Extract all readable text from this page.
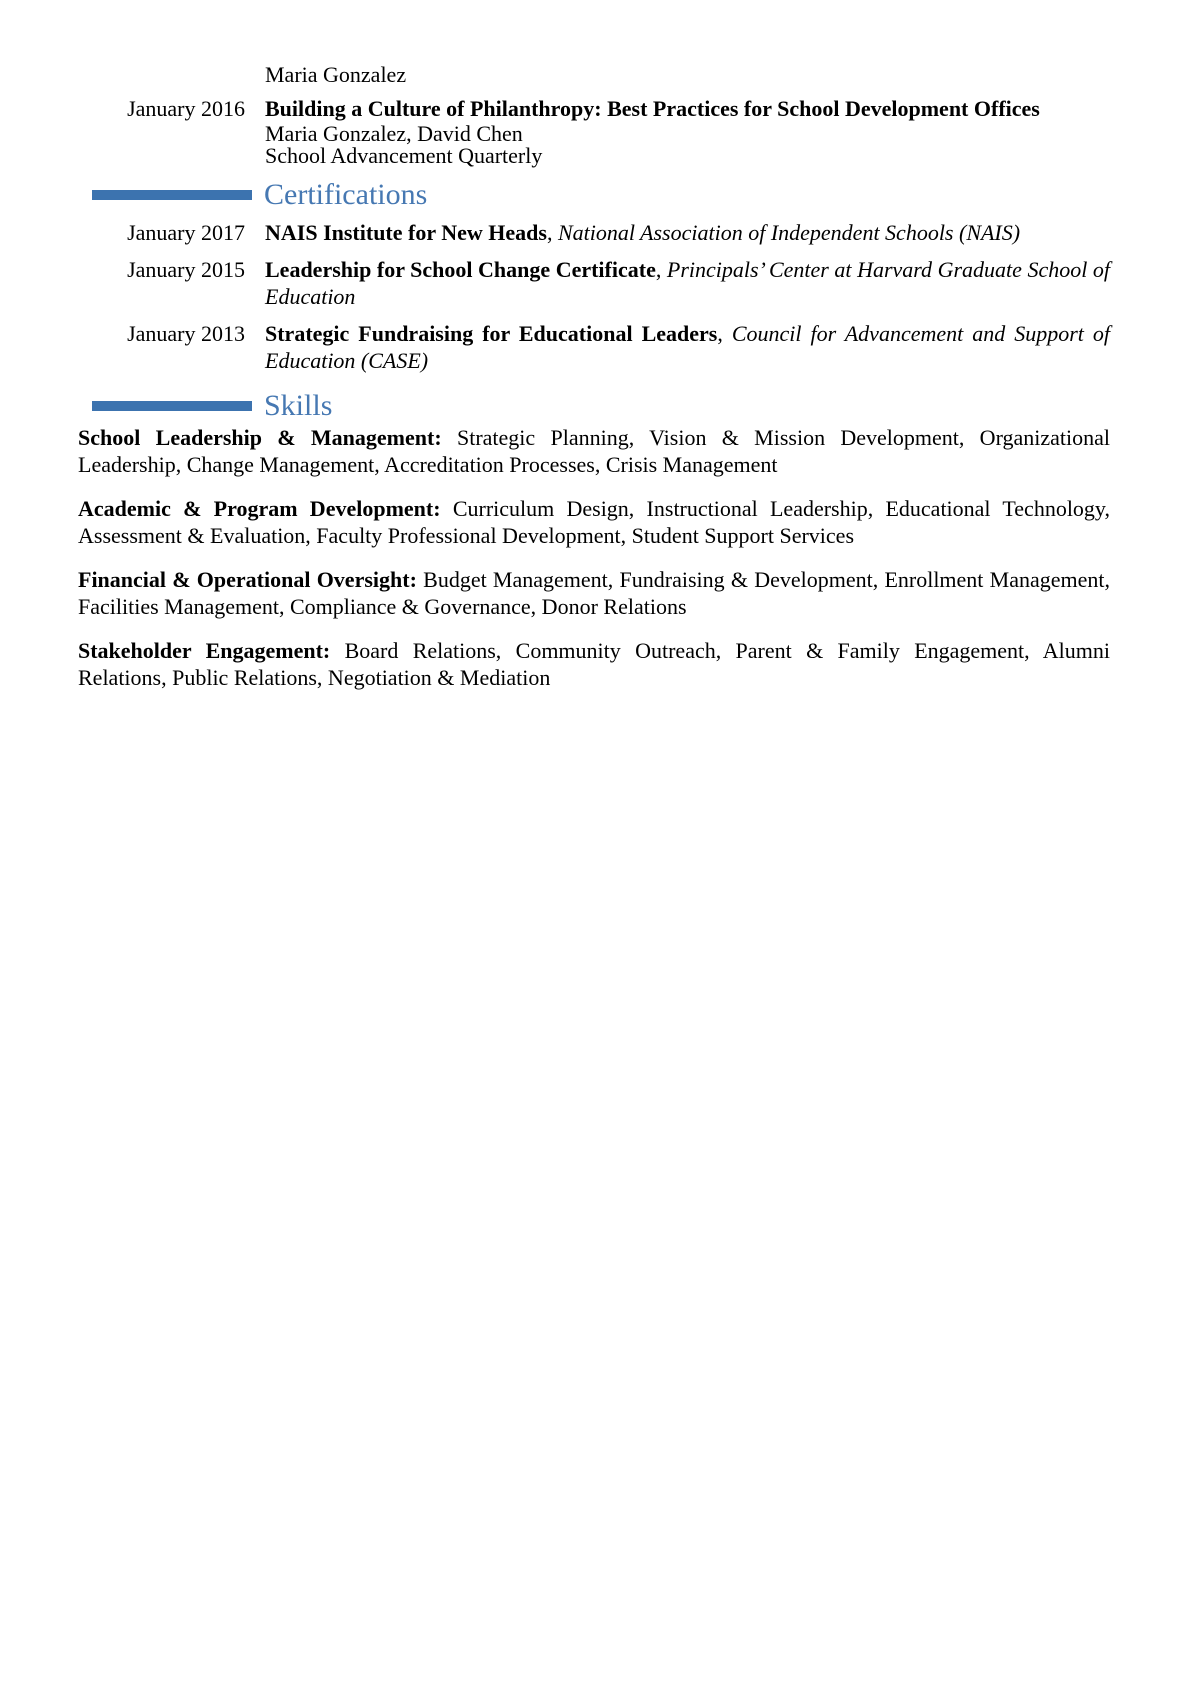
Maria Gonzalez
January 2016 Building a Culture of Philanthropy: Best Practices for School Development Offices
Maria Gonzalez, David Chen
School Advancement Quarterly
Certifications
January 2017 NAIS Institute for New Heads, National Association of Independent Schools (NAIS)
January 2015 Leadership for School Change Certificate, Principals’ Center at Harvard Graduate School of Education
January 2013 Strategic Fundraising for Educational Leaders, Council for Advancement and Support of Education (CASE)
Skills

School Leadership & Management: Strategic Planning, Vision & Mission Development, Organizational Leadership, Change Management, Accreditation Processes, Crisis Management

Academic & Program Development: Curriculum Design, Instructional Leadership, Educational Technology, Assessment & Evaluation, Faculty Professional Development, Student Support Services

Financial & Operational Oversight: Budget Management, Fundraising & Development, Enrollment Management, Facilities Management, Compliance & Governance, Donor Relations

Stakeholder Engagement: Board Relations, Community Outreach, Parent & Family Engagement, Alumni Relations, Public Relations, Negotiation & Mediation
